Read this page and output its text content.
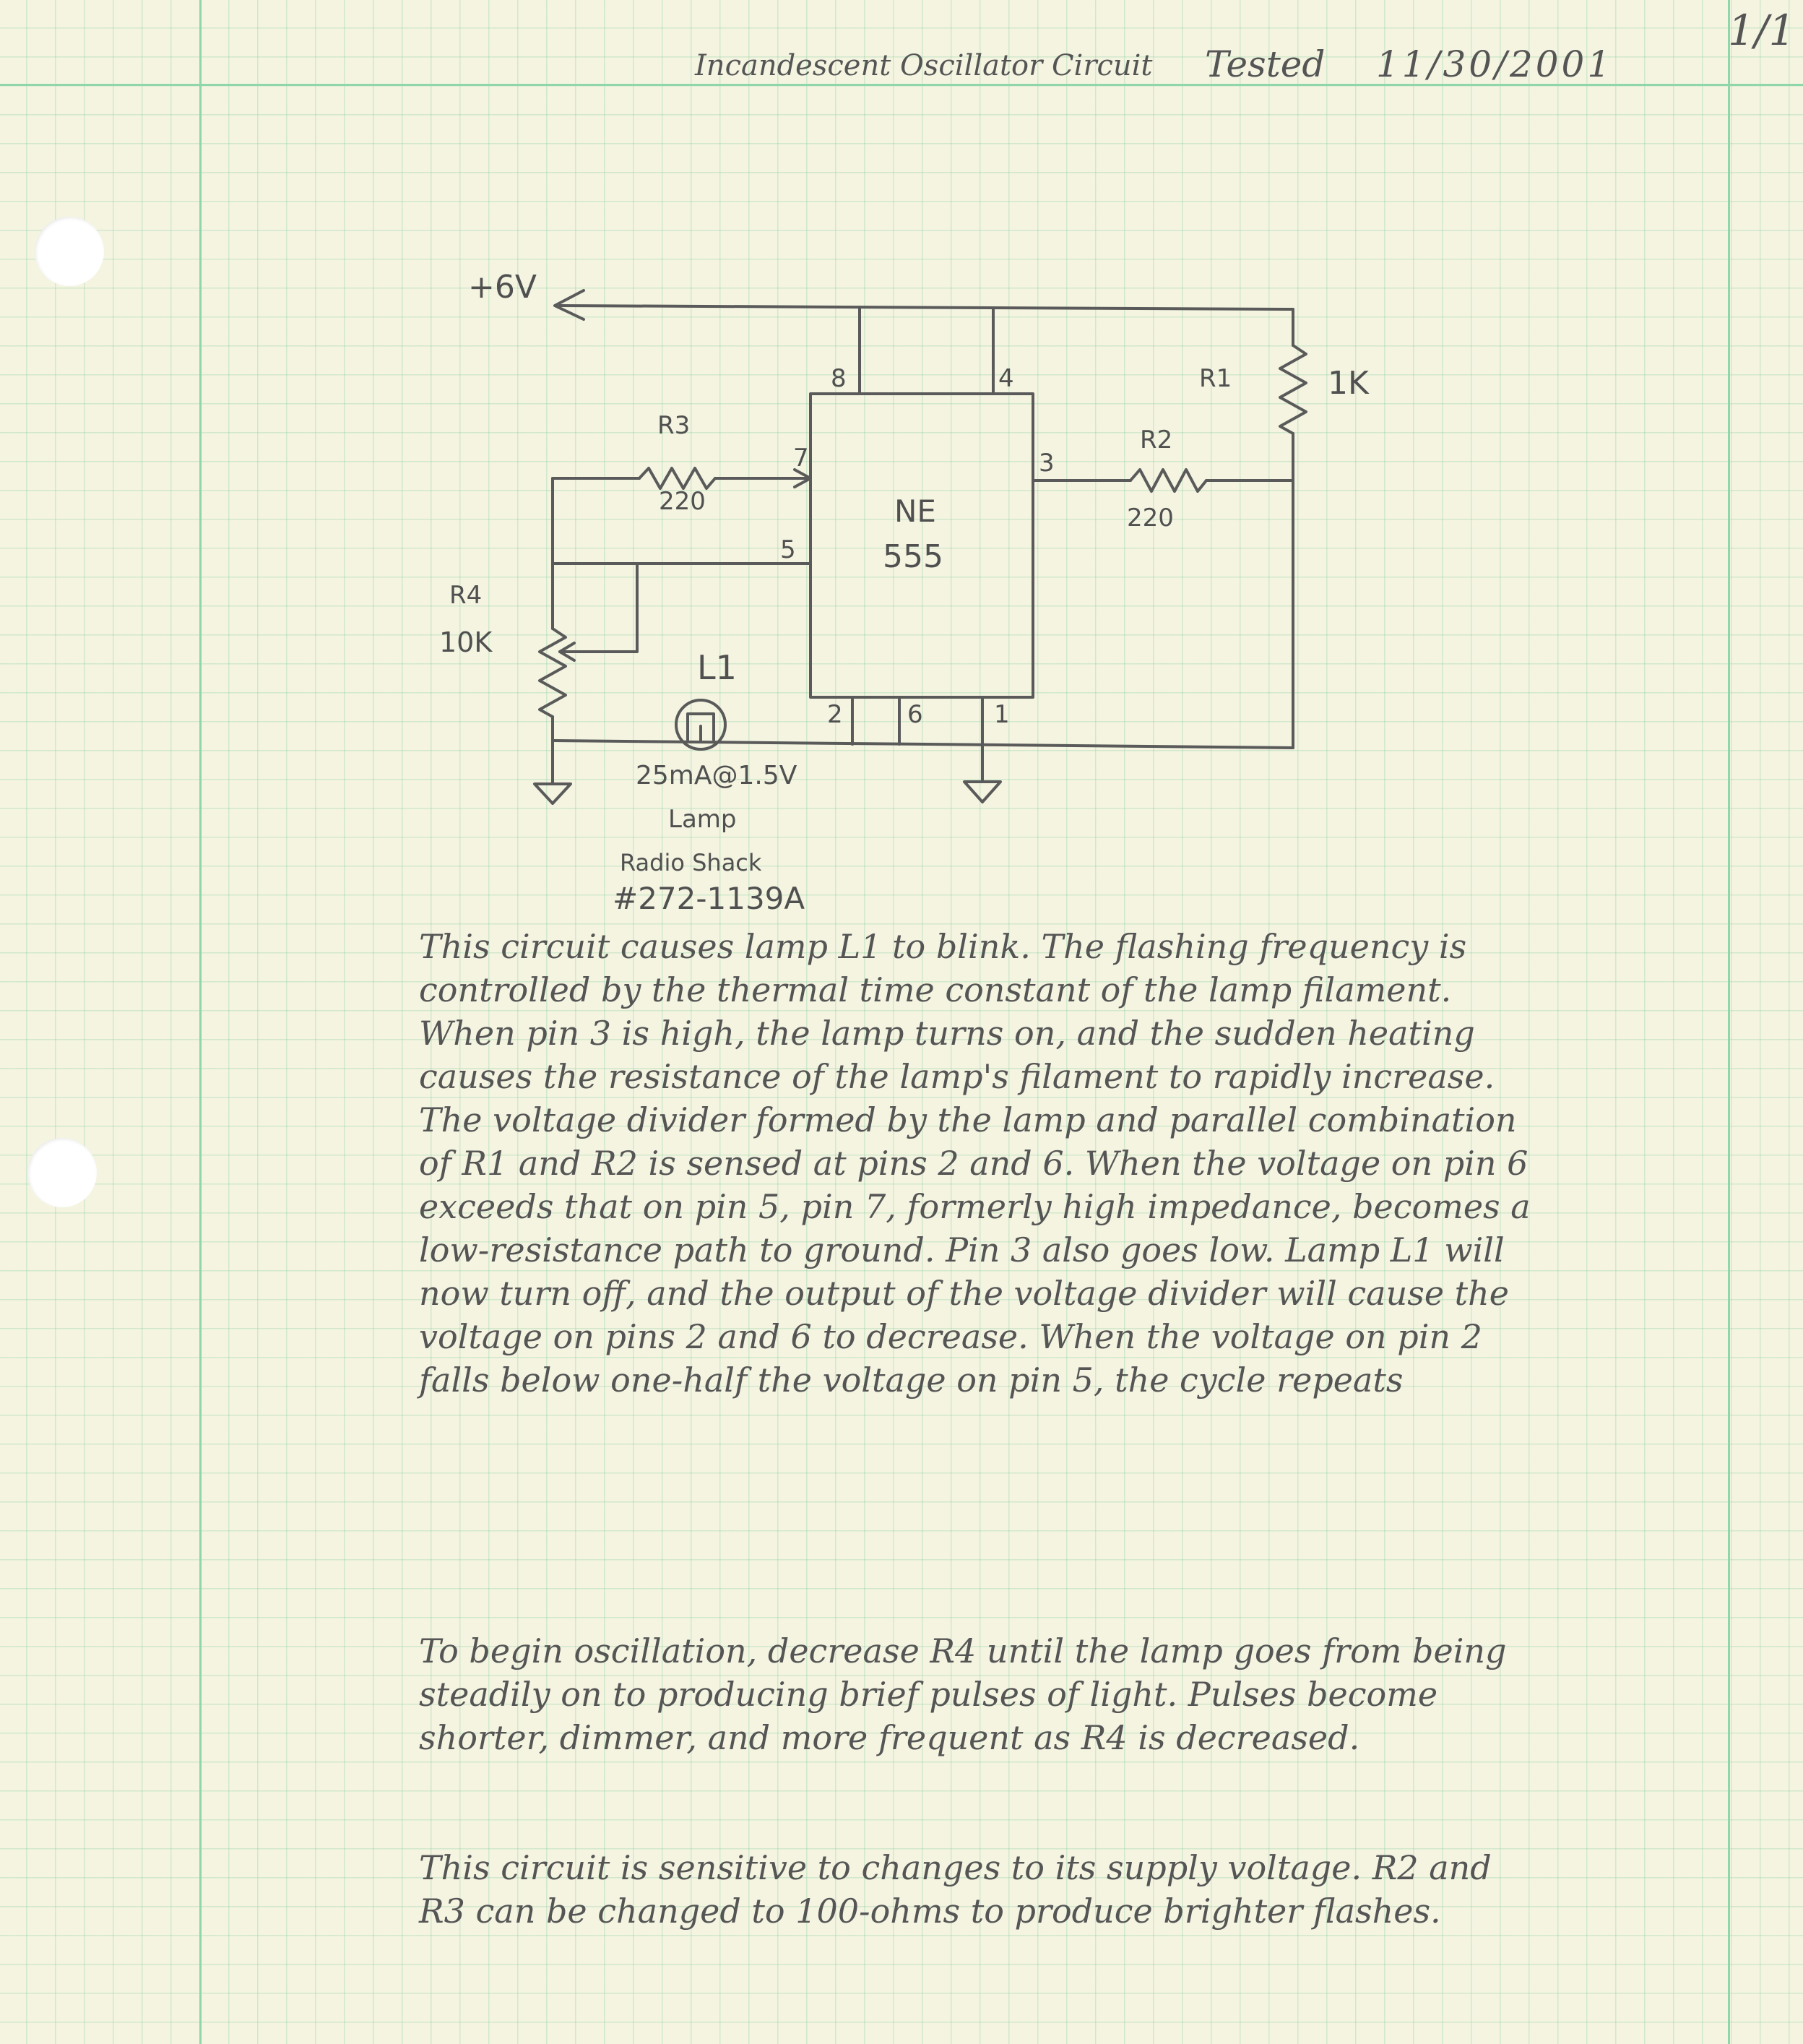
Incandescent Oscillator Circuit Tested 11/30/2001
1/1
+6V
NE
555
8	4
7	3
5
2	6	1
R1	1K
R2
220
R3
220
R4
10K
L1
25mA@1.5V
Lamp
Radio Shack
#272-1139A

This circuit causes lamp L1 to blink. The flashing frequency is controlled by the thermal time constant of the lamp filament. When pin 3 is high, the lamp turns on, and the sudden heating causes the resistance of the lamp's filament to rapidly increase. The voltage divider formed by the lamp and parallel combination of R1 and R2 is sensed at pins 2 and 6. When the voltage on pin 6 exceeds that on pin 5, pin 7, formerly high impedance, becomes a low-resistance path to ground. Pin 3 also goes low. Lamp L1 will now turn off, and the output of the voltage divider will cause the voltage on pins 2 and 6 to decrease. When the voltage on pin 2 falls below one-half the voltage on pin 5, the cycle repeats

To begin oscillation, decrease R4 until the lamp goes from being steadily on to producing brief pulses of light. Pulses become shorter, dimmer, and more frequent as R4 is decreased.

This circuit is sensitive to changes to its supply voltage. R2 and R3 can be changed to 100-ohms to produce brighter flashes.
